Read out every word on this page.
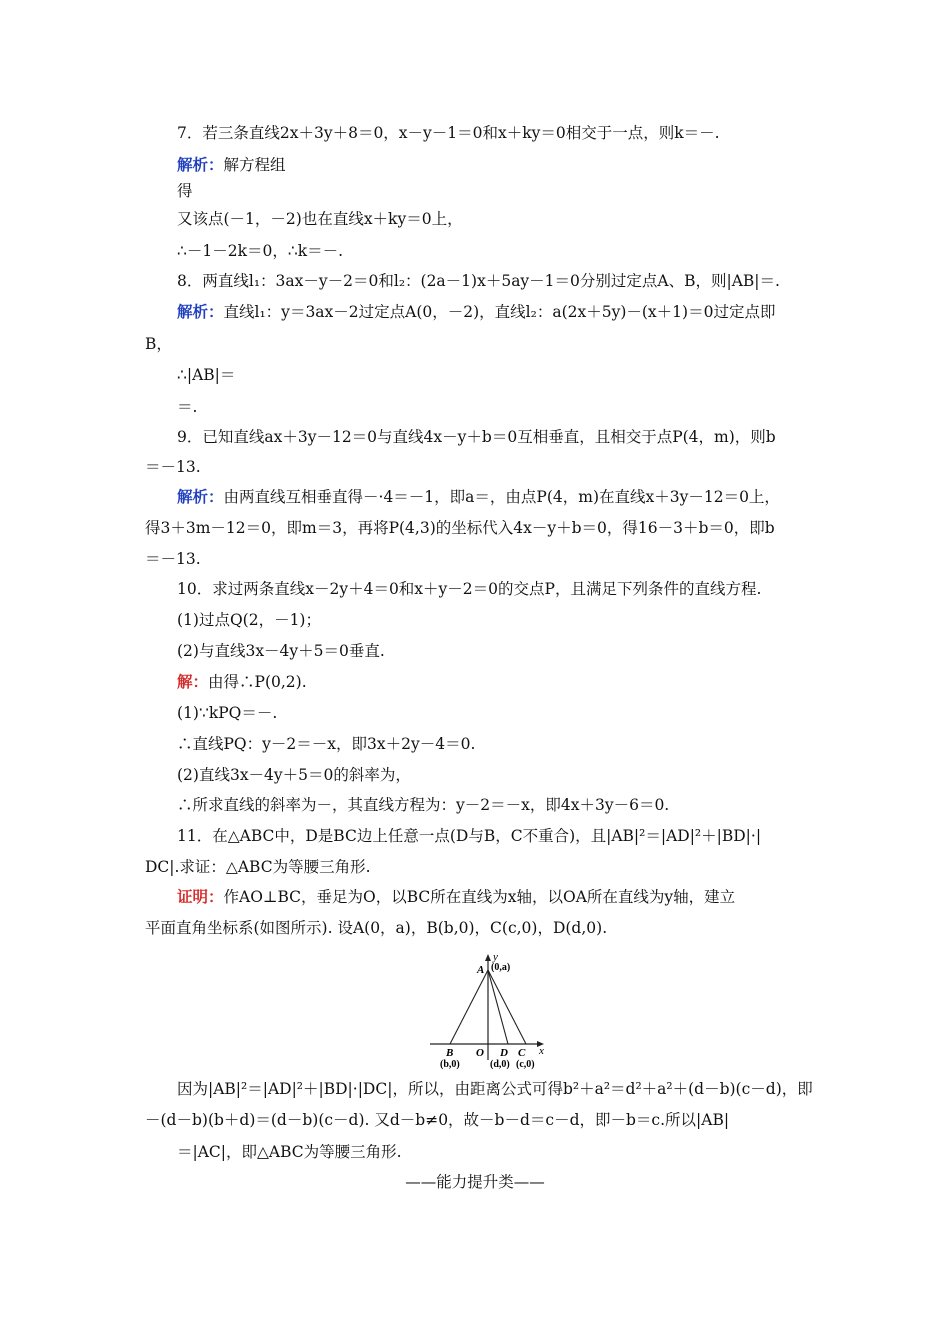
7．若三条直线2x＋3y＋8＝0，x－y－1＝0和x＋ky＝0相交于一点，则k＝－.
解析：解方程组
得
又该点(－1，－2)也在直线x＋ky＝0上，
∴－1－2k＝0，∴k＝－.
8．两直线l₁：3ax－y－2＝0和l₂：(2a－1)x＋5ay－1＝0分别过定点A、B，则|AB|＝.
解析：直线l₁：y＝3ax－2过定点A(0，－2)，直线l₂：a(2x＋5y)－(x＋1)＝0过定点即
B，
∴|AB|＝
＝.
9．已知直线ax＋3y－12＝0与直线4x－y＋b＝0互相垂直，且相交于点P(4，m)，则b
＝－13.
解析：由两直线互相垂直得－·4＝－1，即a＝，由点P(4，m)在直线x＋3y－12＝0上，
得3＋3m－12＝0，即m＝3，再将P(4,3)的坐标代入4x－y＋b＝0，得16－3＋b＝0，即b
＝－13.
10．求过两条直线x－2y＋4＝0和x＋y－2＝0的交点P，且满足下列条件的直线方程.
(1)过点Q(2，－1)；
(2)与直线3x－4y＋5＝0垂直.
解：由得∴P(0,2).
(1)∵kPQ＝－.
∴直线PQ：y－2＝－x，即3x＋2y－4＝0.
(2)直线3x－4y＋5＝0的斜率为，
∴所求直线的斜率为－，其直线方程为：y－2＝－x，即4x＋3y－6＝0.
11．在△ABC中，D是BC边上任意一点(D与B，C不重合)，且|AB|²＝|AD|²＋|BD|·|
DC|.求证：△ABC为等腰三角形.
证明：作AO⊥BC，垂足为O，以BC所在直线为x轴，以OA所在直线为y轴，建立
平面直角坐标系(如图所示). 设A(0，a)，B(b,0)，C(c,0)，D(d,0).
y
x
A (0,a)
B
(b,0)
O D
(d,0)
C
(c,0)
因为|AB|²＝|AD|²＋|BD|·|DC|，所以，由距离公式可得b²＋a²＝d²＋a²＋(d－b)(c－d)，即
－(d－b)(b＋d)＝(d－b)(c－d). 又d－b≠0，故－b－d＝c－d，即－b＝c.所以|AB|
＝|AC|，即△ABC为等腰三角形.
——能力提升类——
